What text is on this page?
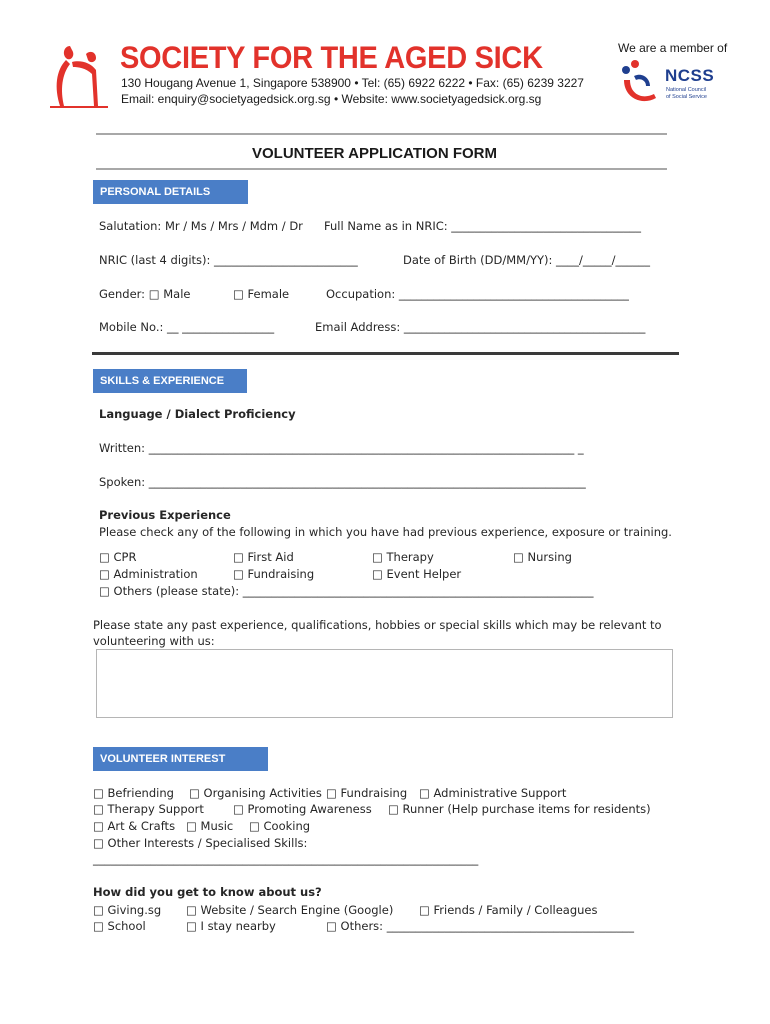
SOCIETY FOR THE AGED SICK
130 Hougang Avenue 1, Singapore 538900 • Tel: (65) 6922 6222 • Fax: (65) 6239 3227
Email: enquiry@societyagedsick.org.sg • Website: www.societyagedsick.org.sg
We are a member of
NCSS
National Council
of Social Service
VOLUNTEER APPLICATION FORM
PERSONAL DETAILS
Salutation: Mr / Ms / Mrs / Mdm / Dr Full Name as in NRIC: _________________________________
NRIC (last 4 digits): _________________________	Date of Birth (DD/MM/YY): ____/_____/______
Gender: □ Male	□ Female	Occupation: ________________________________________
Mobile No.: __ ________________	Email Address: __________________________________________
SKILLS & EXPERIENCE
Language / Dialect Proficiency
Written: __________________________________________________________________________ _
Spoken: ____________________________________________________________________________
Previous Experience
Please check any of the following in which you have had previous experience, exposure or training.
□ CPR	□ First Aid	□ Therapy	□ Nursing
□ Administration	□ Fundraising	□ Event Helper
□ Others (please state): _____________________________________________________________
Please state any past experience, qualifications, hobbies or special skills which may be relevant to
volunteering with us:
VOLUNTEER INTEREST
□ Befriending □ Organising Activities □ Fundraising □ Administrative Support
□ Therapy Support	□ Promoting Awareness □ Runner (Help purchase items for residents)
□ Art & Crafts □ Music □ Cooking
□ Other Interests / Specialised Skills:
___________________________________________________________________
How did you get to know about us?
□ Giving.sg □ Website / Search Engine (Google) □ Friends / Family / Colleagues
□ School	□ I stay nearby	□ Others: ___________________________________________
